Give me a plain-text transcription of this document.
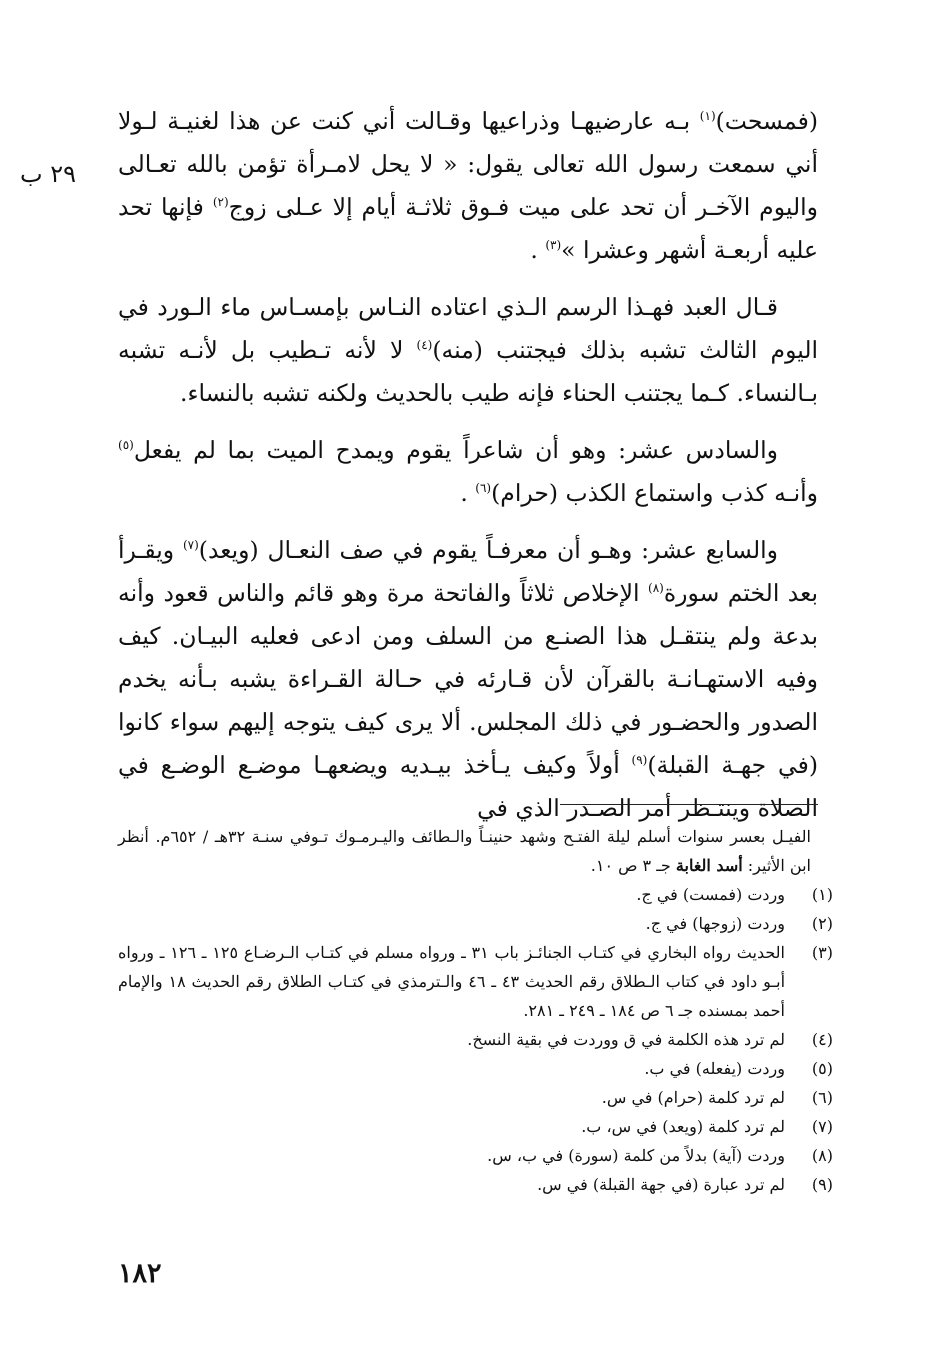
٢٩ ب

(فمسحت)$^{(١)}$ بـه عارضيهـا وذراعيها وقـالت أني كنت عن هذا لغنيـة لـولا أني سمعت رسول الله تعالى يقول: « لا يحل لامـرأة تؤمن بالله تعـالى واليوم الآخـر أن تحد على ميت فـوق ثلاثـة أيام إلا عـلى زوج$^{(٢)}$ فإنها تحد عليه أربعـة أشهر وعشرا »$^{(٣)}$ .

قـال العبد فهـذا الرسم الـذي اعتاده النـاس بإمسـاس ماء الـورد في اليوم الثالث تشبه بذلك فيجتنب (منه)$^{(٤)}$ لا لأنه تـطيب بل لأنـه تشبه بـالنساء. كـما يجتنب الحناء فإنه طيب بالحديث ولكنه تشبه بالنساء.

والسادس عشر: وهو أن شاعراً يقوم ويمدح الميت بما لم يفعل$^{(٥)}$ وأنـه كذب واستماع الكذب (حرام)$^{(٦)}$ .

والسابع عشر: وهـو أن معرفـاً يقوم في صف النعـال (ويعد)$^{(٧)}$ ويقـرأ بعد الختم سورة$^{(٨)}$ الإخلاص ثلاثاً والفاتحة مرة وهو قائم والناس قعود وأنه بدعة ولم ينتقـل هذا الصنـع من السلف ومن ادعى فعليه البيـان. كيف وفيه الاستهـانـة بالقرآن لأن قـارئه في حـالة القـراءة يشبه بـأنه يخدم الصدور والحضـور في ذلك المجلس. ألا يرى كيف يتوجه إليهم سواء كانوا (في جهـة القبلة)$^{(٩)}$ أولاً وكيف يـأخذ بيـديه ويضعهـا موضـع الوضـع في الصلاة وينتـظر أمر الصـدر الذي في

الفيـل بعسر سنوات أسلم ليلة الفتـح وشهد حنينـاً والـطائف واليـرمـوك تـوفي سنـة ٣٢هـ / ٦٥٢م. أنظر ابن الأثير: أسد الغابة جـ ٣ ص ١٠.
(١)
وردت (فمست) في ج.
(٢)
وردت (زوجها) في ج.
(٣)
الحديث رواه البخاري في كتـاب الجنائـز باب ٣١ ـ ورواه مسلم في كتـاب الـرضـاع ١٢٥ ـ ١٢٦ ـ ورواه أبـو داود في كتاب الـطلاق رقم الحديث ٤٣ ـ ٤٦ والـترمذي في كتـاب الطلاق رقم الحديث ١٨ والإمام أحمد بمسنده جـ ٦ ص ١٨٤ ـ ٢٤٩ ـ ٢٨١.
(٤)
لم ترد هذه الكلمة في ق ووردت في بقية النسخ.
(٥)
وردت (يفعله) في ب.
(٦)
لم ترد كلمة (حرام) في س.
(٧)
لم ترد كلمة (ويعد) في س، ب.
(٨)
وردت (آية) بدلاً من كلمة (سورة) في ب، س.
(٩)
لم ترد عبارة (في جهة القبلة) في س.
١٨٢
